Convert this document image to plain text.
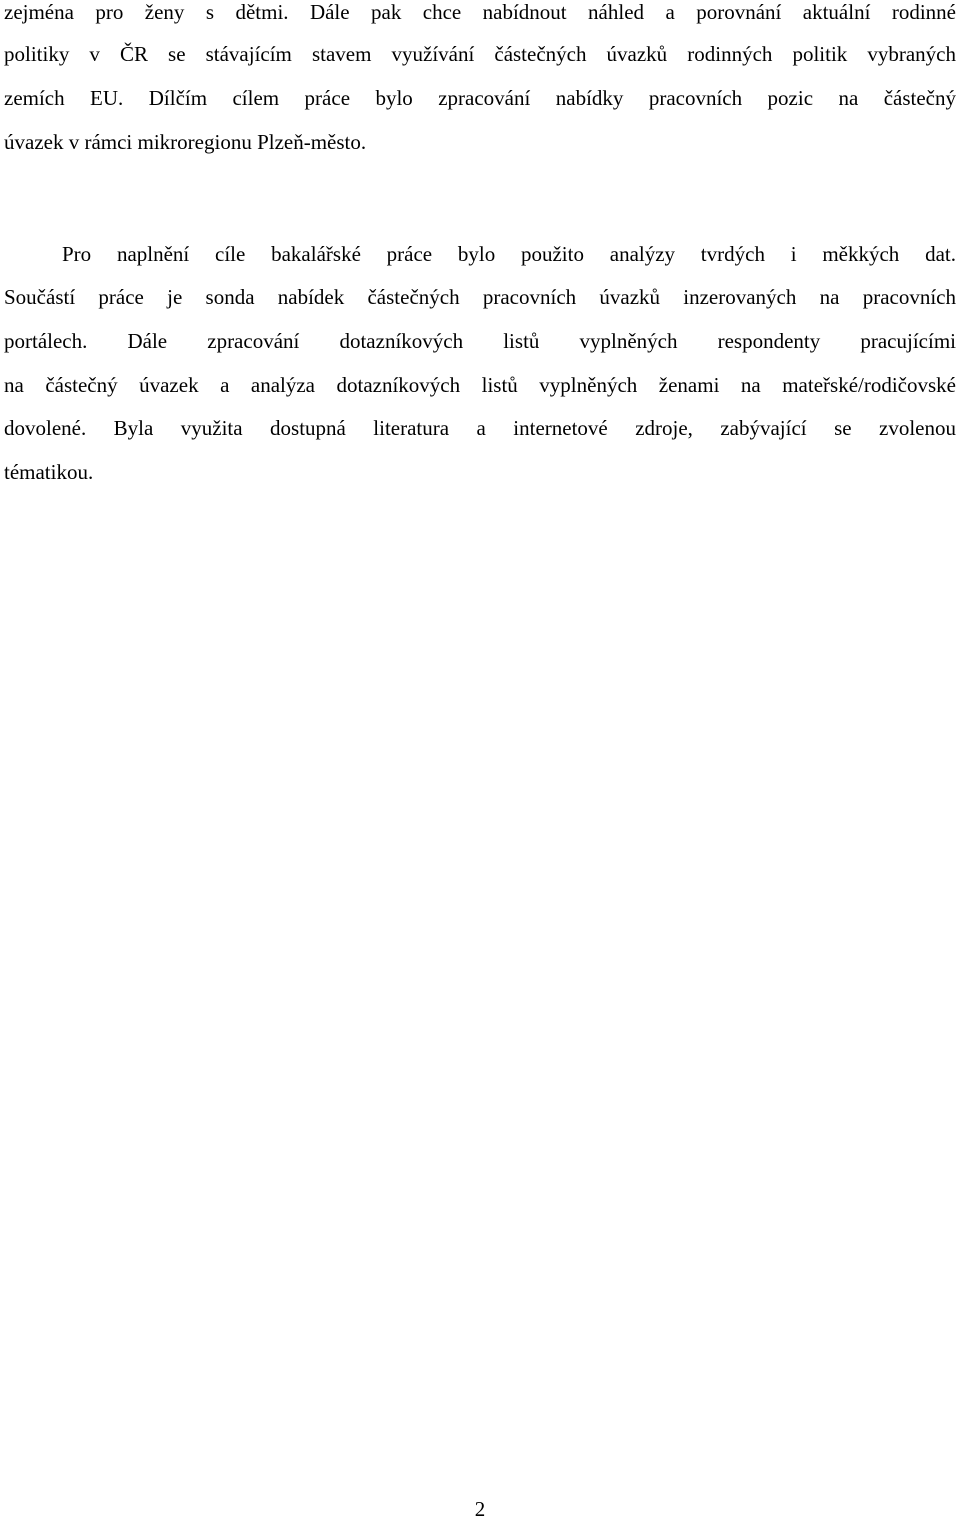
zejména pro ženy s dětmi. Dále pak chce nabídnout náhled a porovnání aktuální rodinné
politiky v ČR se stávajícím stavem využívání částečných úvazků rodinných politik vybraných
zemích EU. Dílčím cílem práce bylo zpracování nabídky pracovních pozic na částečný
úvazek v rámci mikroregionu Plzeň-město.
Pro naplnění cíle bakalářské práce bylo použito analýzy tvrdých i měkkých dat.
Součástí práce je sonda nabídek částečných pracovních úvazků inzerovaných na pracovních
portálech. Dále zpracování dotazníkových listů vyplněných respondenty pracujícími
na částečný úvazek a analýza dotazníkových listů vyplněných ženami na mateřské/rodičovské
dovolené. Byla využita dostupná literatura a internetové zdroje, zabývající se zvolenou
tématikou.
2
